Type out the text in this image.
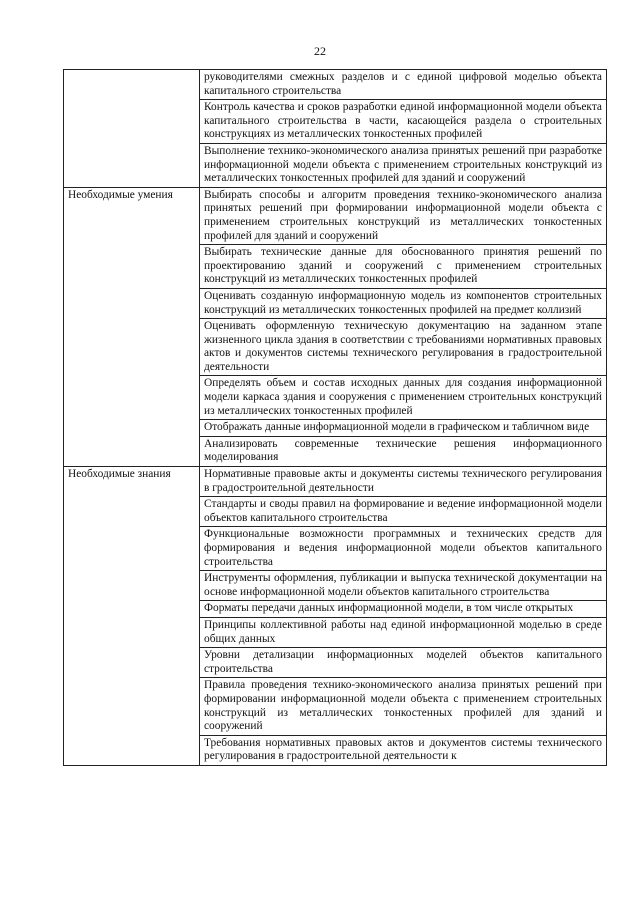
22
	руководителями смежных разделов и с единой цифровой моделью объекта капитального строительства
	Контроль качества и сроков разработки единой информационной модели объекта капитального строительства в части, касающейся раздела о строительных конструкциях из металлических тонкостенных профилей
	Выполнение технико-экономического анализа принятых решений при разработке информационной модели объекта с применением строительных конструкций из металлических тонкостенных профилей для зданий и сооружений
Необходимые умения	Выбирать способы и алгоритм проведения технико-экономического анализа принятых решений при формировании информационной модели объекта с применением строительных конструкций из металлических тонкостенных профилей для зданий и сооружений
	Выбирать технические данные для обоснованного принятия решений по проектированию зданий и сооружений с применением строительных конструкций из металлических тонкостенных профилей
	Оценивать созданную информационную модель из компонентов строительных конструкций из металлических тонкостенных профилей на предмет коллизий
	Оценивать оформленную техническую документацию на заданном этапе жизненного цикла здания в соответствии с требованиями нормативных правовых актов и документов системы технического регулирования в градостроительной деятельности
	Определять объем и состав исходных данных для создания информационной модели каркаса здания и сооружения с применением строительных конструкций из металлических тонкостенных профилей
	Отображать данные информационной модели в графическом и табличном виде
	Анализировать современные технические решения информационного моделирования
Необходимые знания	Нормативные правовые акты и документы системы технического регулирования в градостроительной деятельности
	Стандарты и своды правил на формирование и ведение информационной модели объектов капитального строительства
	Функциональные возможности программных и технических средств для формирования и ведения информационной модели объектов капитального строительства
	Инструменты оформления, публикации и выпуска технической документации на основе информационной модели объектов капитального строительства
	Форматы передачи данных информационной модели, в том числе открытых
	Принципы коллективной работы над единой информационной моделью в среде общих данных
	Уровни детализации информационных моделей объектов капитального строительства
	Правила проведения технико-экономического анализа принятых решений при формировании информационной модели объекта с применением строительных конструкций из металлических тонкостенных профилей для зданий и сооружений
	Требования нормативных правовых актов и документов системы технического регулирования в градостроительной деятельности к
